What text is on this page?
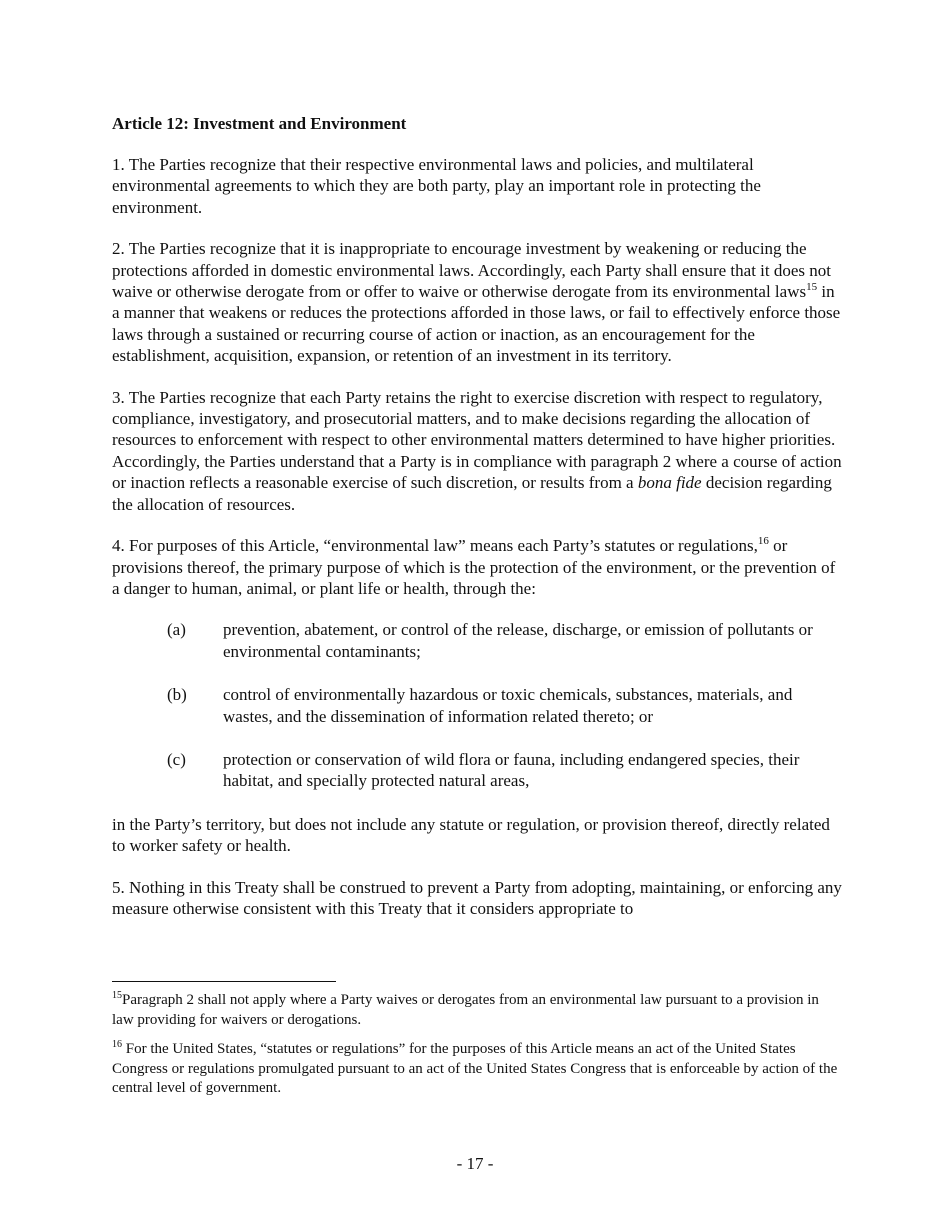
Article 12: Investment and Environment

1. The Parties recognize that their respective environmental laws and policies, and multilateral environmental agreements to which they are both party, play an important role in protecting the environment.

2. The Parties recognize that it is inappropriate to encourage investment by weakening or reducing the protections afforded in domestic environmental laws. Accordingly, each Party shall ensure that it does not waive or otherwise derogate from or offer to waive or otherwise derogate from its environmental laws$^{15}$ in a manner that weakens or reduces the protections afforded in those laws, or fail to effectively enforce those laws through a sustained or recurring course of action or inaction, as an encouragement for the establishment, acquisition, expansion, or retention of an investment in its territory.

3. The Parties recognize that each Party retains the right to exercise discretion with respect to regulatory, compliance, investigatory, and prosecutorial matters, and to make decisions regarding the allocation of resources to enforcement with respect to other environmental matters determined to have higher priorities. Accordingly, the Parties understand that a Party is in compliance with paragraph 2 where a course of action or inaction reflects a reasonable exercise of such discretion, or results from a bona fide decision regarding the allocation of resources.

4. For purposes of this Article, “environmental law” means each Party’s statutes or regulations,$^{16}$ or provisions thereof, the primary purpose of which is the protection of the environment, or the prevention of a danger to human, animal, or plant life or health, through the:

(a)	prevention, abatement, or control of the release, discharge, or emission of pollutants or environmental contaminants;
(b)	control of environmentally hazardous or toxic chemicals, substances, materials, and wastes, and the dissemination of information related thereto; or
(c)	protection or conservation of wild flora or fauna, including endangered species, their habitat, and specially protected natural areas,

in the Party’s territory, but does not include any statute or regulation, or provision thereof, directly related to worker safety or health.

5. Nothing in this Treaty shall be construed to prevent a Party from adopting, maintaining, or enforcing any measure otherwise consistent with this Treaty that it considers appropriate to

$^{15}$Paragraph 2 shall not apply where a Party waives or derogates from an environmental law pursuant to a provision in law providing for waivers or derogations.

$^{16}$ For the United States, “statutes or regulations” for the purposes of this Article means an act of the United States Congress or regulations promulgated pursuant to an act of the United States Congress that is enforceable by action of the central level of government.

- 17 -
